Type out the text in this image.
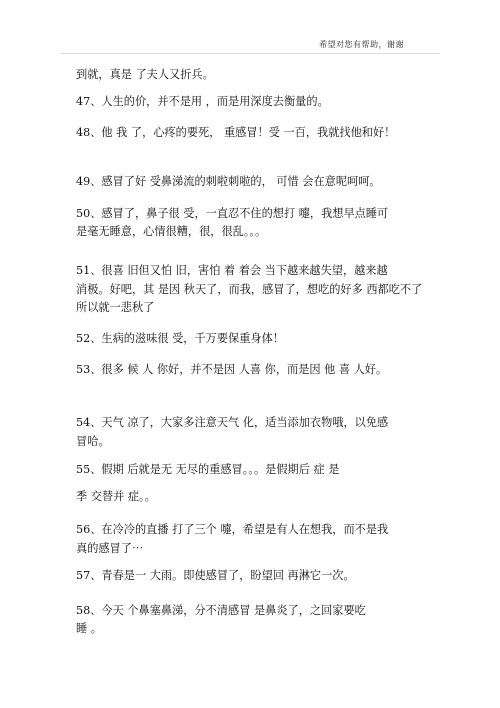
希望对您有帮助，谢谢
到就，真是 了夫人又折兵。
47、人生的价，并不是用 ，而是用深度去衡量的。
48、他 我 了，心疼的要死， 重感冒！受 一百，我就找他和好！
49、感冒了好 受鼻涕流的刺啦刺啦的， 可惜 会在意呢呵呵。
50、感冒了，鼻子很 受，一直忍不住的想打 嚏，我想早点睡可
是毫无睡意，心情很糟，很，很乱。。。
51、很喜 旧但又怕 旧，害怕 着 着会 当下越来越失望，越来越
消极。好吧，其 是因 秋天了，而我，感冒了，想吃的好多 西都吃不了
所以就一悲秋了
52、生病的滋味很 受，千万要保重身体！
53、很多 候 人 你好，并不是因 人喜 你，而是因 他 喜 人好。
54、天气 凉了，大家多注意天气 化，适当添加衣物哦，以免感
冒哈。
55、假期 后就是无 无尽的重感冒。。。是假期后 症 是
季 交替并 症。。
56、在冷冷的直播 打了三个 嚏，希望是有人在想我，而不是我
真的感冒了⋯
57、青春是一 大雨。即使感冒了，盼望回 再淋它一次。
58、今天 个鼻塞鼻涕，分不清感冒 是鼻炎了，之回家要吃
睡 。
